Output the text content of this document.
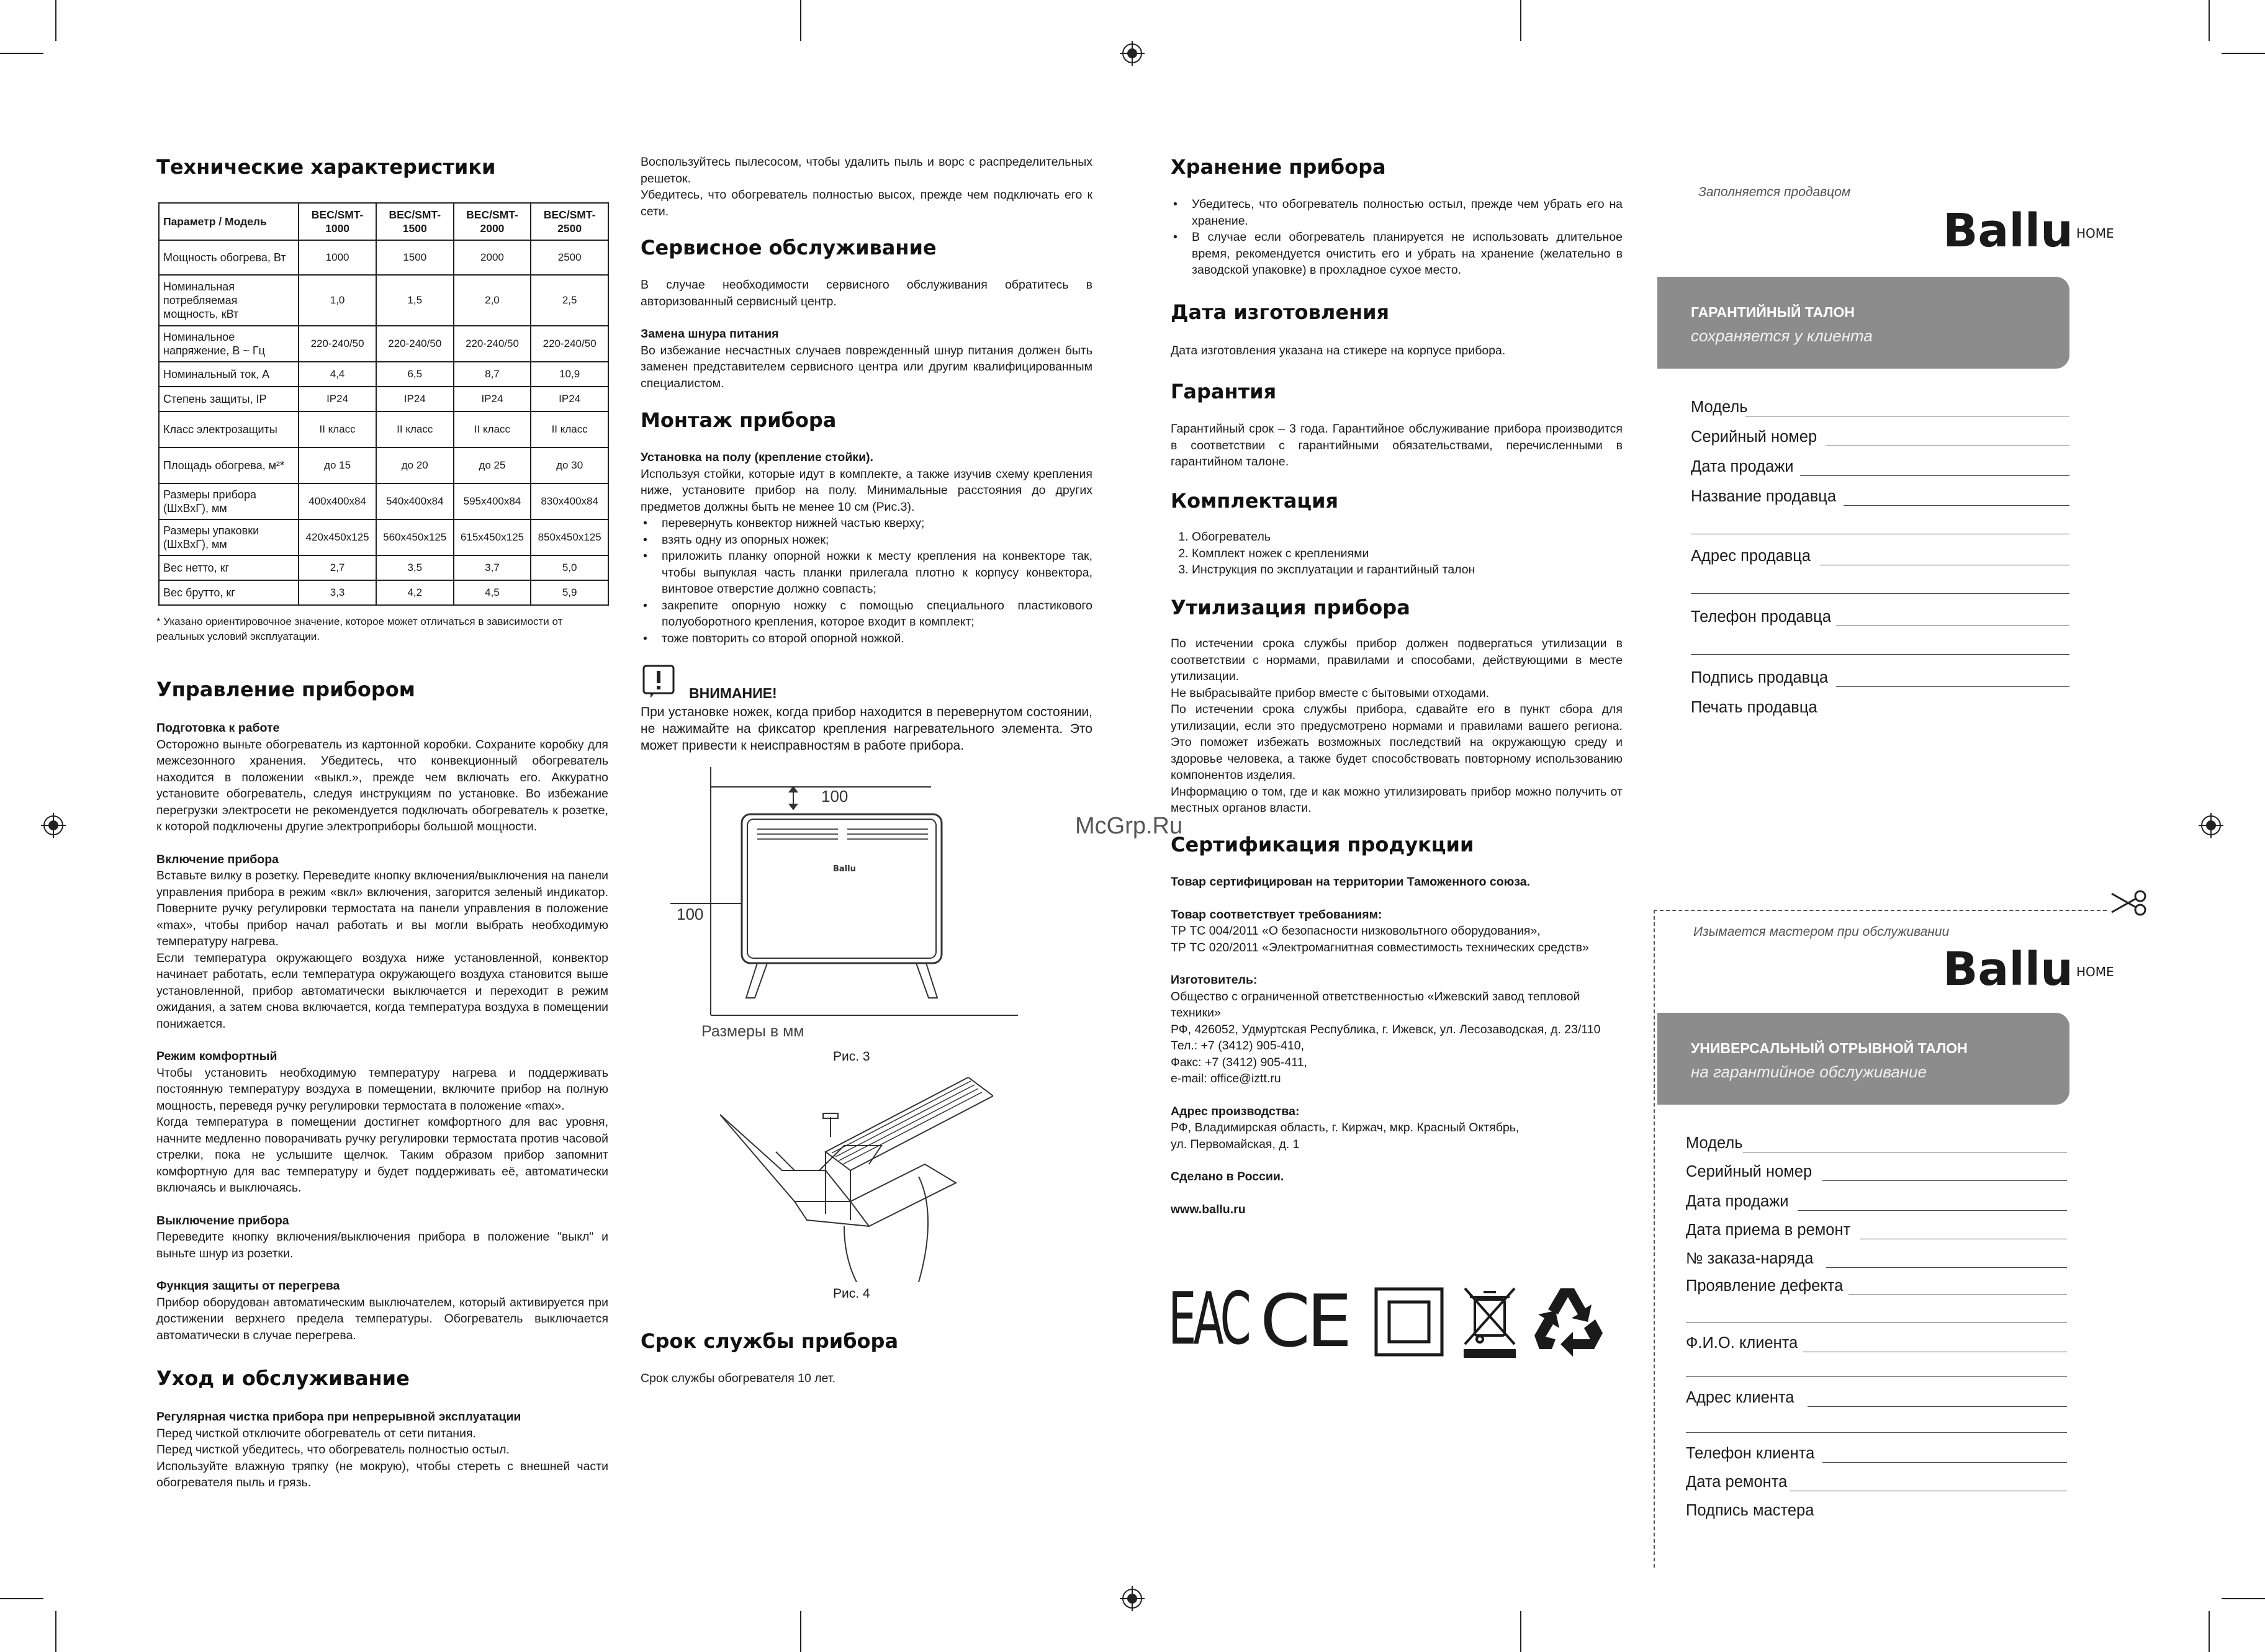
Технические характеристики
Параметр / Модель	BEC/SMT-1000	BEC/SMT-1500	BEC/SMT-2000	BEC/SMT-2500
Мощность обогрева, Вт	1000	1500	2000	2500
Номинальная потребляемая мощность, кВт	1,0	1,5	2,0	2,5
Номинальное напряжение, В ~ Гц	220-240/50	220-240/50	220-240/50	220-240/50
Номинальный ток, А	4,4	6,5	8,7	10,9
Степень защиты, IP	IP24	IP24	IP24	IP24
Класс электрозащиты	II класс	II класс	II класс	II класс
Площадь обогрева, м²*	до 15	до 20	до 25	до 30
Размеры прибора (ШхВхГ), мм	400x400x84	540x400x84	595x400x84	830x400x84
Размеры упаковки (ШхВхГ), мм	420x450x125	560x450x125	615x450x125	850x450x125
Вес нетто, кг	2,7	3,5	3,7	5,0
Вес брутто, кг	3,3	4,2	4,5	5,9
* Указано ориентировочное значение, которое может отличаться в зависимости от реальных условий эксплуатации.
Управление прибором

Подготовка к работе

Осторожно выньте обогреватель из картонной коробки. Сохраните коробку для межсезонного хранения. Убедитесь, что конвекционный обогреватель находится в положении «выкл.», прежде чем включать его. Аккуратно установите обогреватель, следуя инструкциям по установке. Во избежание перегрузки электросети не рекомендуется подключать обогреватель к розетке, к которой подключены другие электроприборы большой мощности.

Включение прибора

Вставьте вилку в розетку. Переведите кнопку включения/выключения на панели управления прибора в режим «вкл» включения, загорится зеленый индикатор. Поверните ручку регулировки термостата на панели управления в положение «max», чтобы прибор начал работать и вы могли выбрать необходимую температуру нагрева.

Если температура окружающего воздуха ниже установленной, конвектор начинает работать, если температура окружающего воздуха становится выше установленной, прибор автоматически выключается и переходит в режим ожидания, а затем снова включается, когда температура воздуха в помещении понижается.

Режим комфортный

Чтобы установить необходимую температуру нагрева и поддерживать постоянную температуру воздуха в помещении, включите прибор на полную мощность, переведя ручку регулировки термостата в положение «max».

Когда температура в помещении достигнет комфортного для вас уровня, начните медленно поворачивать ручку регулировки термостата против часовой стрелки, пока не услышите щелчок. Таким образом прибор запомнит комфортную для вас температуру и будет поддерживать её, автоматически включаясь и выключаясь.

Выключение прибора

Переведите кнопку включения/выключения прибора в положение "выкл" и выньте шнур из розетки.

Функция защиты от перегрева

Прибор оборудован автоматическим выключателем, который активируется при достижении верхнего предела температуры. Обогреватель выключается автоматически в случае перегрева.

Уход и обслуживание

Регулярная чистка прибора при непрерывной эксплуатации

Перед чисткой отключите обогреватель от сети питания.

Перед чисткой убедитесь, что обогреватель полностью остыл.

Используйте влажную тряпку (не мокрую), чтобы стереть с внешней части обогревателя пыль и грязь.

Воспользуйтесь пылесосом, чтобы удалить пыль и ворс с распределительных решеток.

Убедитесь, что обогреватель полностью высох, прежде чем подключать его к сети.

Сервисное обслуживание

В случае необходимости сервисного обслуживания обратитесь в авторизованный сервисный центр.

Замена шнура питания

Во избежание несчастных случаев поврежденный шнур питания должен быть заменен представителем сервисного центра или другим квалифицированным специалистом.

Монтаж прибора

Установка на полу (крепление стойки).

Используя стойки, которые идут в комплекте, а также изучив схему крепления ниже, установите прибор на полу. Минимальные расстояния до других предметов должны быть не менее 10 см (Рис.3).

• перевернуть конвектор нижней частью кверху;
• взять одну из опорных ножек;
• приложить планку опорной ножки к месту крепления на конвекторе так, чтобы выпуклая часть планки прилегала плотно к корпусу конвектора, винтовое отверстие должно совпасть;
• закрепите опорную ножку с помощью специального пластикового полуоборотного крепления, которое входит в комплект;
• тоже повторить со второй опорной ножкой.
ВНИМАНИЕ!
При установке ножек, когда прибор находится в перевернутом состоянии, не нажимайте на фиксатор крепления нагревательного элемента. Это может привести к неисправностям в работе прибора.
100
100
Ballu
Размеры в мм
Рис. 3
Рис. 4
Срок службы прибора
Срок службы обогревателя 10 лет.
Хранение прибора
• Убедитесь, что обогреватель полностью остыл, прежде чем убрать его на хранение.
• В случае если обогреватель планируется не использовать длительное время, рекомендуется очистить его и убрать на хранение (желательно в заводской упаковке) в прохладное сухое место.
Дата изготовления
Дата изготовления указана на стикере на корпусе прибора.
Гарантия
Гарантийный срок – 3 года. Гарантийное обслуживание прибора производится в соответствии с гарантийными обязательствами, перечисленными в гарантийном талоне.
Комплектация
1. Обогреватель
2. Комплект ножек с креплениями
3. Инструкция по эксплуатации и гарантийный талон
Утилизация прибора

По истечении срока службы прибор должен подвергаться утилизации в соответствии с нормами, правилами и способами, действующими в месте утилизации.

Не выбрасывайте прибор вместе с бытовыми отходами.

По истечении срока службы прибора, сдавайте его в пункт сбора для утилизации, если это предусмотрено нормами и правилами вашего региона. Это поможет избежать возможных последствий на окружающую среду и здоровье человека, а также будет способствовать повторному использованию компонентов изделия.

Информацию о том, где и как можно утилизировать прибор можно получить от местных органов власти.

Сертификация продукции

Товар сертифицирован на территории Таможенного союза.

Товар соответствует требованиям:

ТР ТС 004/2011 «О безопасности низковольтного оборудования»,

ТР ТС 020/2011 «Электромагнитная совместимость технических средств»

Изготовитель:

Общество с ограниченной ответственностью «Ижевский завод тепловой техники»

РФ, 426052, Удмуртская Республика, г. Ижевск, ул. Лесозаводская, д. 23/110

Тел.: +7 (3412) 905-410,

Факс: +7 (3412) 905-411,

e-mail: office@iztt.ru

Адрес производства:

РФ, Владимирская область, г. Киржач, мкр. Красный Октябрь,

ул. Первомайская, д. 1

Сделано в России.

www.ballu.ru

EAC CE
McGrp.Ru
Заполняется продавцом
Ballu HOME
ГАРАНТИЙНЫЙ ТАЛОН
сохраняется у клиента
Модель
Серийный номер
Дата продажи
Название продавца
Адрес продавца
Телефон продавца
Подпись продавца
Печать продавца
Изымается мастером при обслуживании
Ballu HOME
УНИВЕРСАЛЬНЫЙ ОТРЫВНОЙ ТАЛОН
на гарантийное обслуживание
Модель
Серийный номер
Дата продажи
Дата приема в ремонт
№ заказа-наряда
Проявление дефекта
Ф.И.О. клиента
Адрес клиента
Телефон клиента
Дата ремонта
Подпись мастера
